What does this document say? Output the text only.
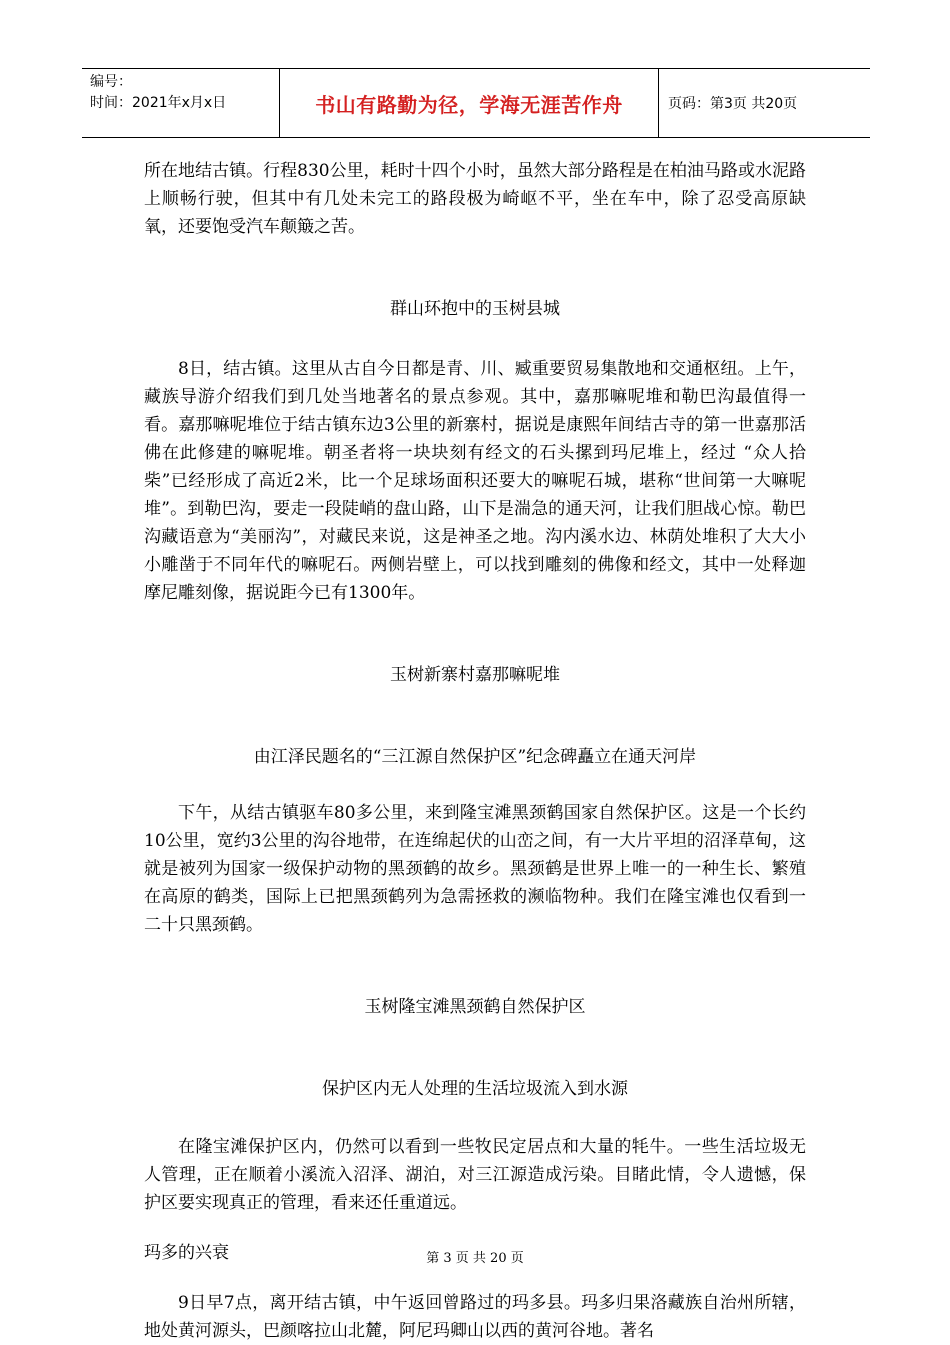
编号：
时间：2021年x月x日	书山有路勤为径，学海无涯苦作舟	页码：第3页 共20页

所在地结古镇。行程830公里，耗时十四个小时，虽然大部分路程是在柏油马路或水泥路上顺畅行驶，但其中有几处未完工的路段极为崎岖不平，坐在车中，除了忍受高原缺氧，还要饱受汽车颠簸之苦。

群山环抱中的玉树县城

8日，结古镇。这里从古自今日都是青、川、臧重要贸易集散地和交通枢纽。上午，藏族导游介绍我们到几处当地著名的景点参观。其中，嘉那嘛呢堆和勒巴沟最值得一看。嘉那嘛呢堆位于结古镇东边3公里的新寨村，据说是康熙年间结古寺的第一世嘉那活佛在此修建的嘛呢堆。朝圣者将一块块刻有经文的石头摞到玛尼堆上，经过 “众人拾柴”已经形成了高近2米，比一个足球场面积还要大的嘛呢石城，堪称“世间第一大嘛呢堆”。到勒巴沟，要走一段陡峭的盘山路，山下是湍急的通天河，让我们胆战心惊。勒巴沟藏语意为“美丽沟”，对藏民来说，这是神圣之地。沟内溪水边、林荫处堆积了大大小小雕凿于不同年代的嘛呢石。两侧岩壁上，可以找到雕刻的佛像和经文，其中一处释迦摩尼雕刻像，据说距今已有1300年。

玉树新寨村嘉那嘛呢堆

由江泽民题名的“三江源自然保护区”纪念碑矗立在通天河岸

下午，从结古镇驱车80多公里，来到隆宝滩黑颈鹤国家自然保护区。这是一个长约10公里，宽约3公里的沟谷地带，在连绵起伏的山峦之间，有一大片平坦的沼泽草甸，这就是被列为国家一级保护动物的黑颈鹤的故乡。黑颈鹤是世界上唯一的一种生长、繁殖在高原的鹤类，国际上已把黑颈鹤列为急需拯救的濒临物种。我们在隆宝滩也仅看到一二十只黑颈鹤。

玉树隆宝滩黑颈鹤自然保护区

保护区内无人处理的生活垃圾流入到水源

在隆宝滩保护区内，仍然可以看到一些牧民定居点和大量的牦牛。一些生活垃圾无人管理，正在顺着小溪流入沼泽、湖泊，对三江源造成污染。目睹此情，令人遗憾，保护区要实现真正的管理，看来还任重道远。

玛多的兴衰

9日早7点，离开结古镇，中午返回曾路过的玛多县。玛多归果洛藏族自治州所辖，地处黄河源头，巴颜喀拉山北麓，阿尼玛卿山以西的黄河谷地。著名

第 3 页 共 20 页
